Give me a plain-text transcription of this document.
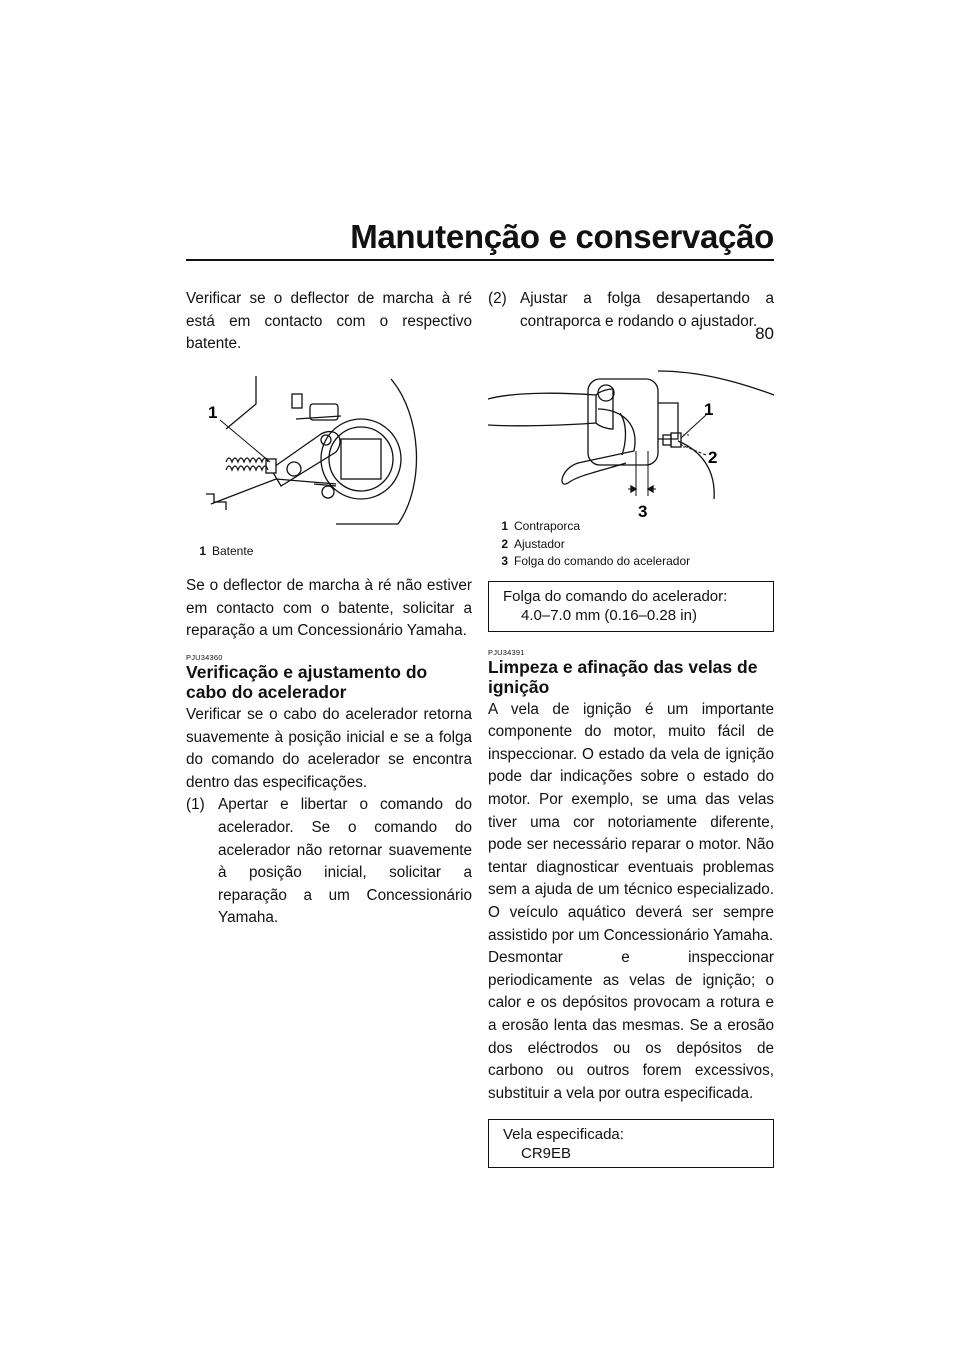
Manutenção e conservação
80

Verificar se o deflector de marcha à ré está em contacto com o respectivo batente.

1
1 Batente

Se o deflector de marcha à ré não estiver em contacto com o batente, solicitar a reparação a um Concessionário Yamaha.

PJU34360
Verificação e ajustamento do cabo do acelerador

Verificar se o cabo do acelerador retorna suavemente à posição inicial e se a folga do comando do acelerador se encontra dentro das especificações.

(1) Apertar e libertar o comando do acelerador. Se o comando do acelerador não retornar suavemente à posição inicial, solicitar a reparação a um Concessionário Yamaha.
(2) Ajustar a folga desapertando a contraporca e rodando o ajustador.
1
2
3
1 Contraporca
2 Ajustador
3 Folga do comando do acelerador
Folga do comando do acelerador:
4.0–7.0 mm (0.16–0.28 in)
PJU34391
Limpeza e afinação das velas de ignição

A vela de ignição é um importante componente do motor, muito fácil de inspeccionar. O estado da vela de ignição pode dar indicações sobre o estado do motor. Por exemplo, se uma das velas tiver uma cor notoriamente diferente, pode ser necessário reparar o motor. Não tentar diagnosticar eventuais problemas sem a ajuda de um técnico especializado. O veículo aquático deverá ser sempre assistido por um Concessionário Yamaha.

Desmontar e inspeccionar periodicamente as velas de ignição; o calor e os depósitos provocam a rotura e a erosão lenta das mesmas. Se a erosão dos eléctrodos ou os depósitos de carbono ou outros forem excessivos, substituir a vela por outra especificada.

Vela especificada:
CR9EB
